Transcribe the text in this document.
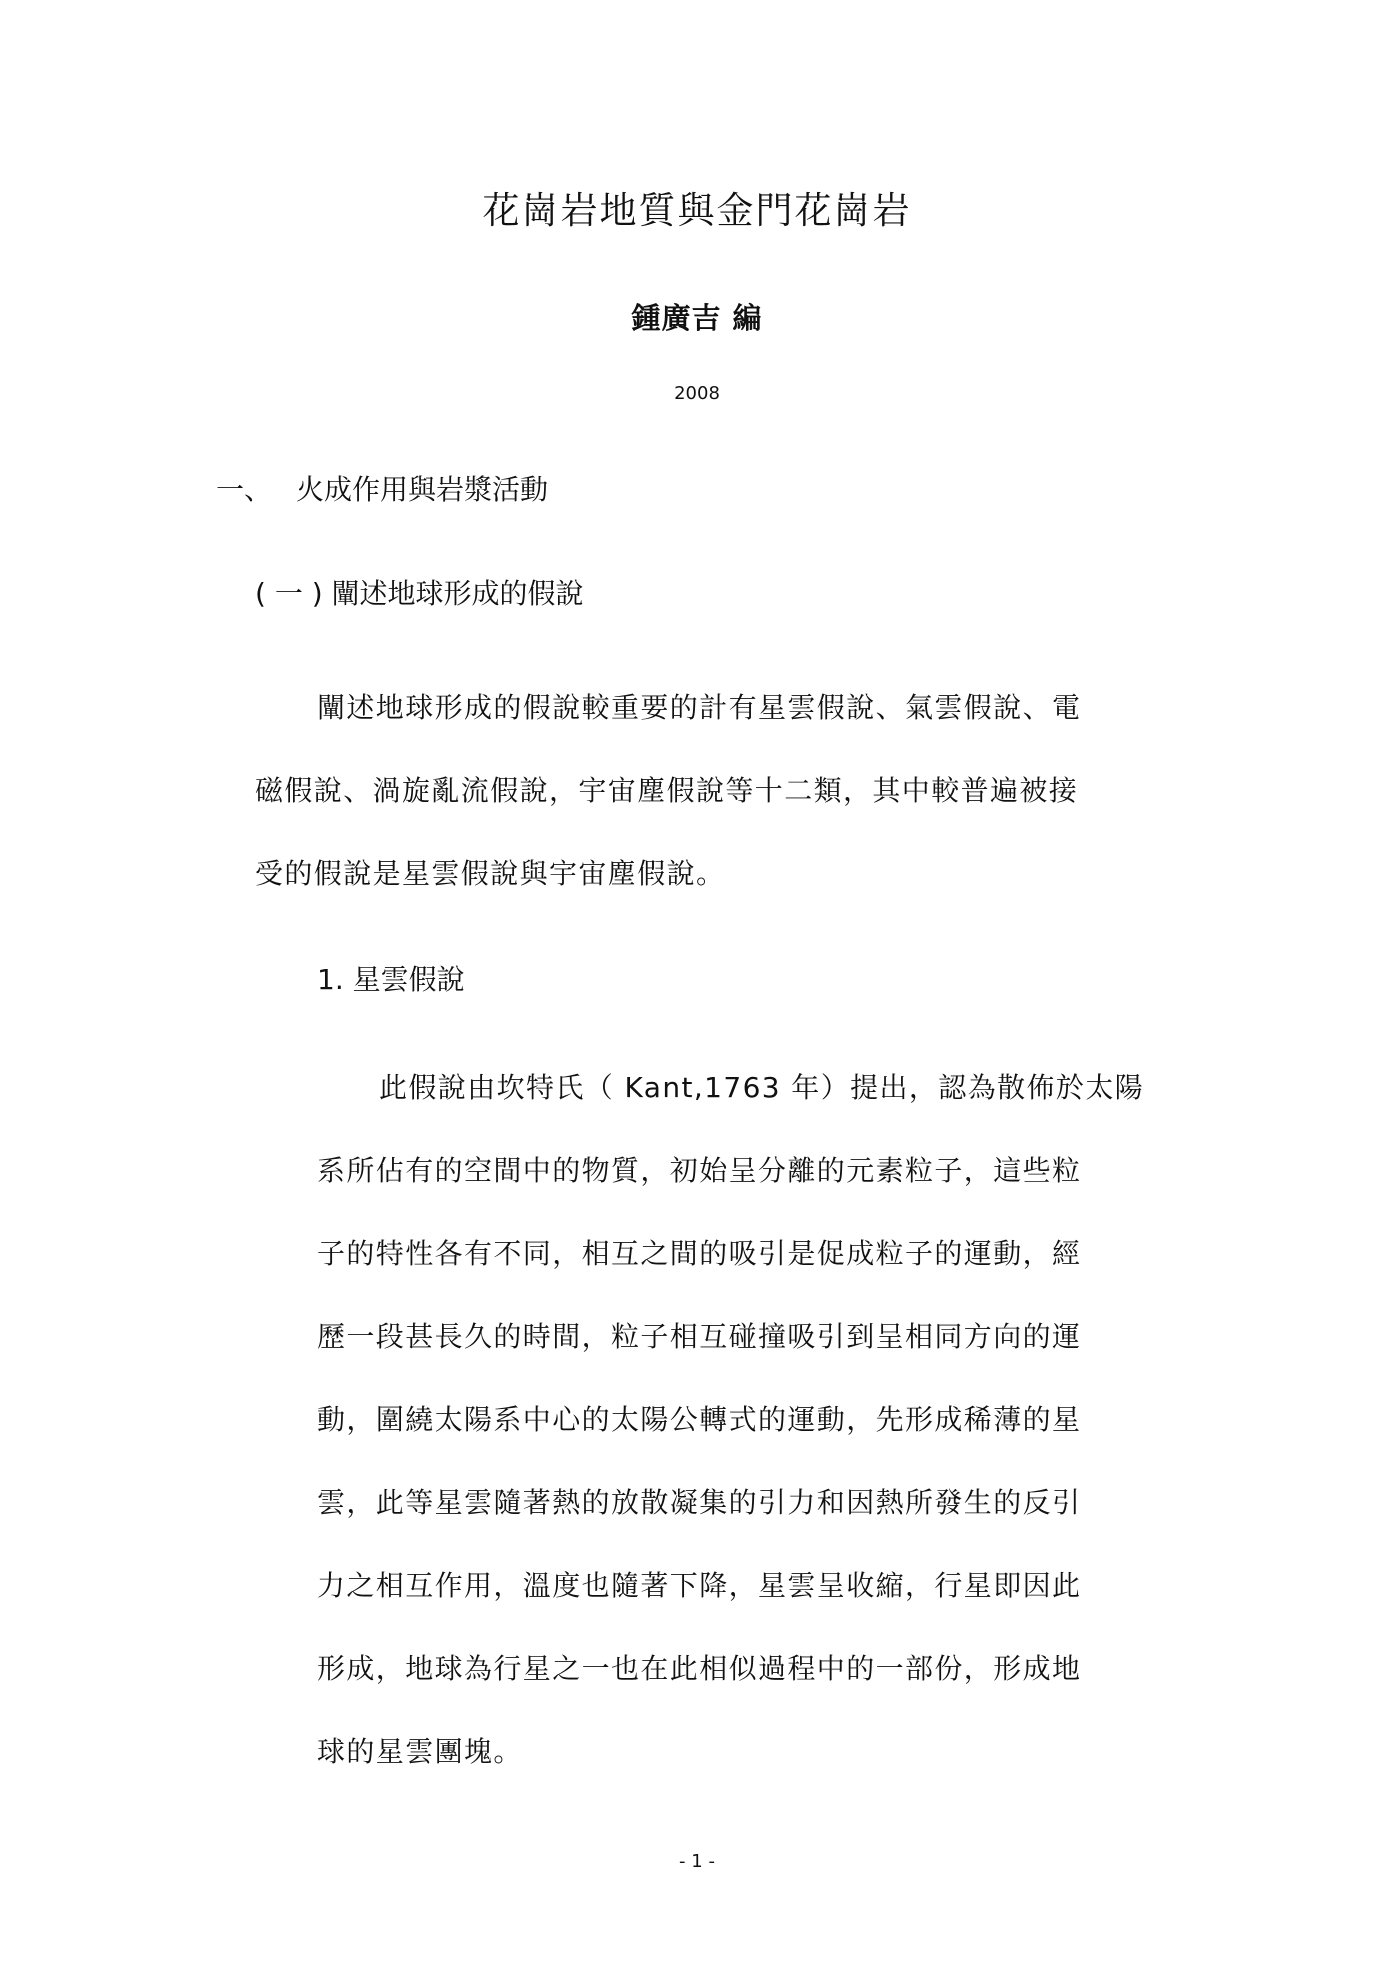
花崗岩地質與金門花崗岩
鍾廣吉 編
2008
一、 火成作用與岩漿活動
( 一 ) 闡述地球形成的假說
闡述地球形成的假說較重要的計有星雲假說、氣雲假說、電
磁假說、渦旋亂流假說，宇宙塵假說等十二類，其中較普遍被接
受的假說是星雲假說與宇宙塵假說。
1. 星雲假說
此假說由坎特氏（ Kant,1763 年）提出，認為散佈於太陽
系所佔有的空間中的物質，初始呈分離的元素粒子，這些粒
子的特性各有不同，相互之間的吸引是促成粒子的運動，經
歷一段甚長久的時間，粒子相互碰撞吸引到呈相同方向的運
動，圍繞太陽系中心的太陽公轉式的運動，先形成稀薄的星
雲，此等星雲隨著熱的放散凝集的引力和因熱所發生的反引
力之相互作用，溫度也隨著下降，星雲呈收縮，行星即因此
形成，地球為行星之一也在此相似過程中的一部份，形成地
球的星雲團塊。
- 1 -
